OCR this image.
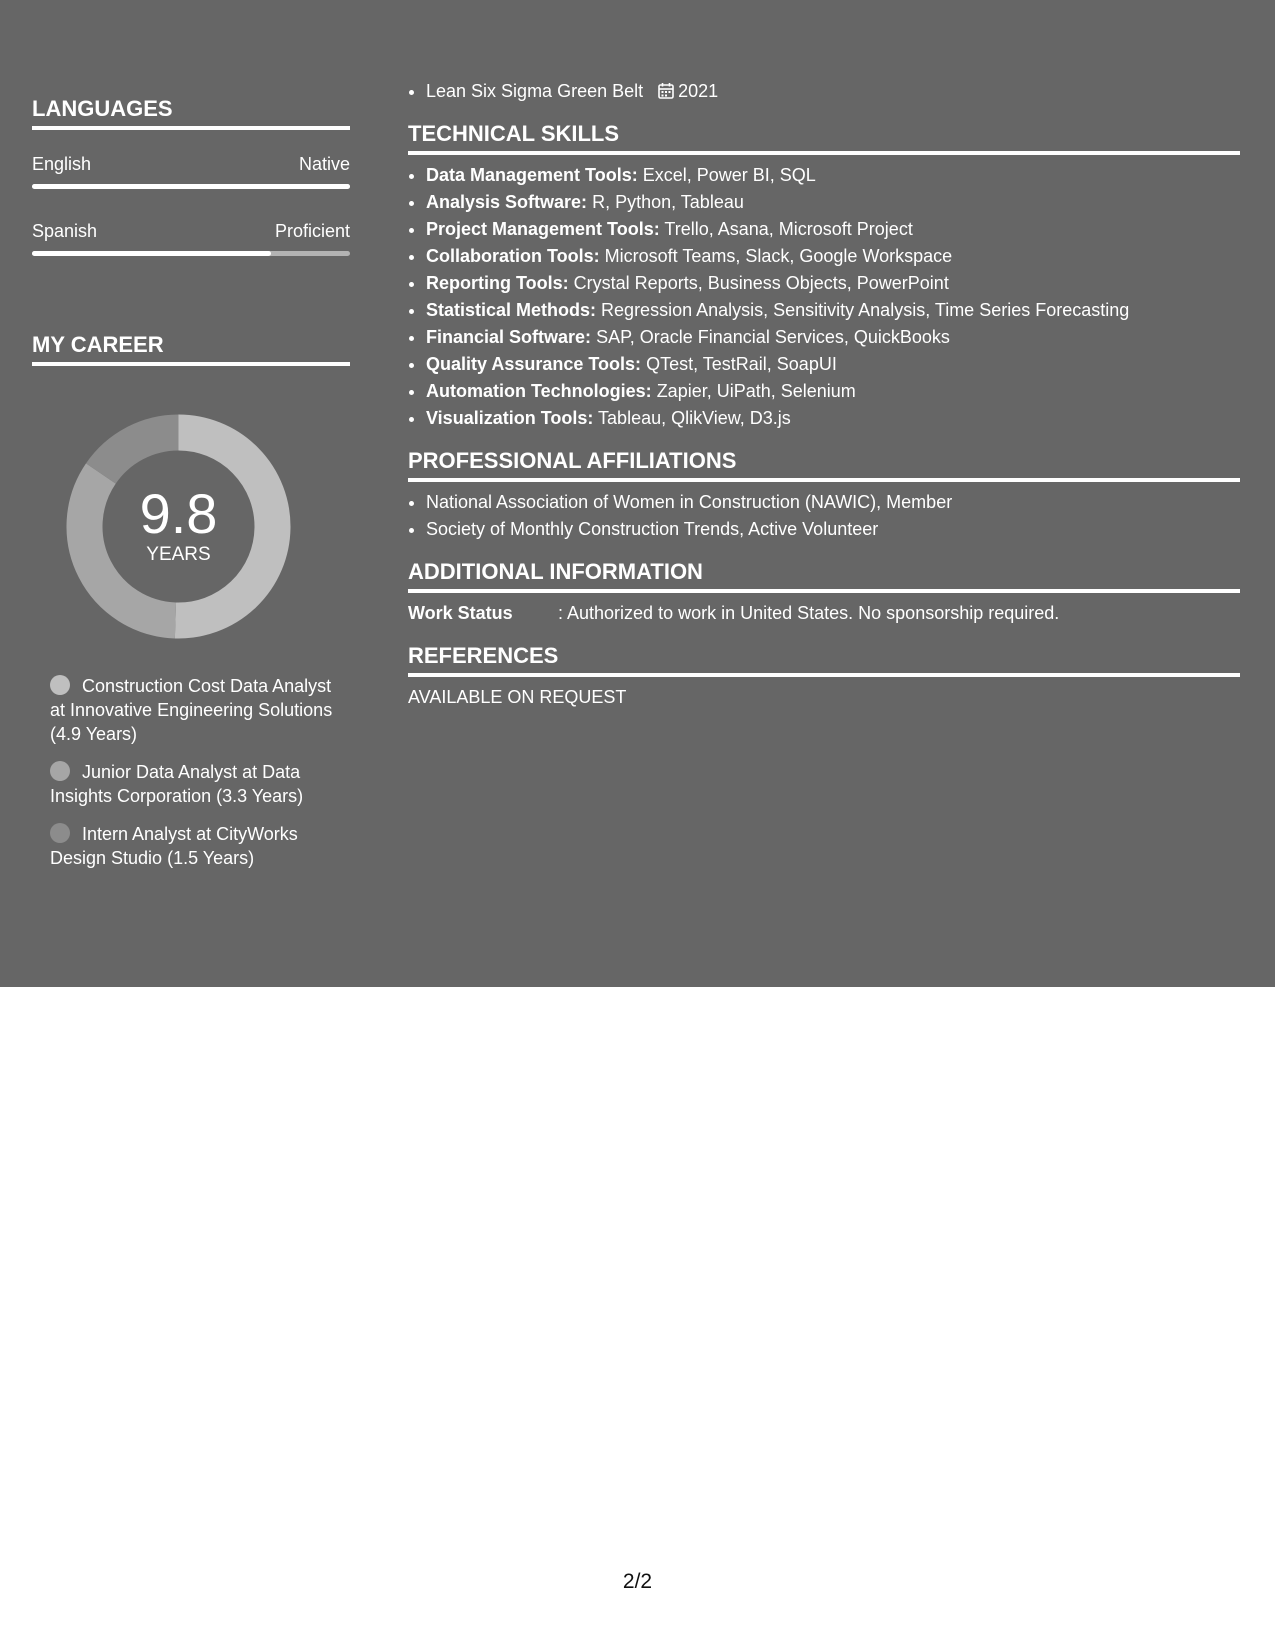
LANGUAGES
English	Native
Spanish	Proficient
MY CAREER
9.8
YEARS
Construction Cost Data Analyst at Innovative Engineering Solutions (4.9 Years)
Junior Data Analyst at Data Insights Corporation (3.3 Years)
Intern Analyst at CityWorks Design Studio (1.5 Years)
• Lean Six Sigma Green Belt 2021
TECHNICAL SKILLS
• Data Management Tools: Excel, Power BI, SQL
• Analysis Software: R, Python, Tableau
• Project Management Tools: Trello, Asana, Microsoft Project
• Collaboration Tools: Microsoft Teams, Slack, Google Workspace
• Reporting Tools: Crystal Reports, Business Objects, PowerPoint
• Statistical Methods: Regression Analysis, Sensitivity Analysis, Time Series Forecasting
• Financial Software: SAP, Oracle Financial Services, QuickBooks
• Quality Assurance Tools: QTest, TestRail, SoapUI
• Automation Technologies: Zapier, UiPath, Selenium
• Visualization Tools: Tableau, QlikView, D3.js
PROFESSIONAL AFFILIATIONS
• National Association of Women in Construction (NAWIC), Member
• Society of Monthly Construction Trends, Active Volunteer
ADDITIONAL INFORMATION
Work Status	: Authorized to work in United States. No sponsorship required.
REFERENCES
AVAILABLE ON REQUEST
2/2
